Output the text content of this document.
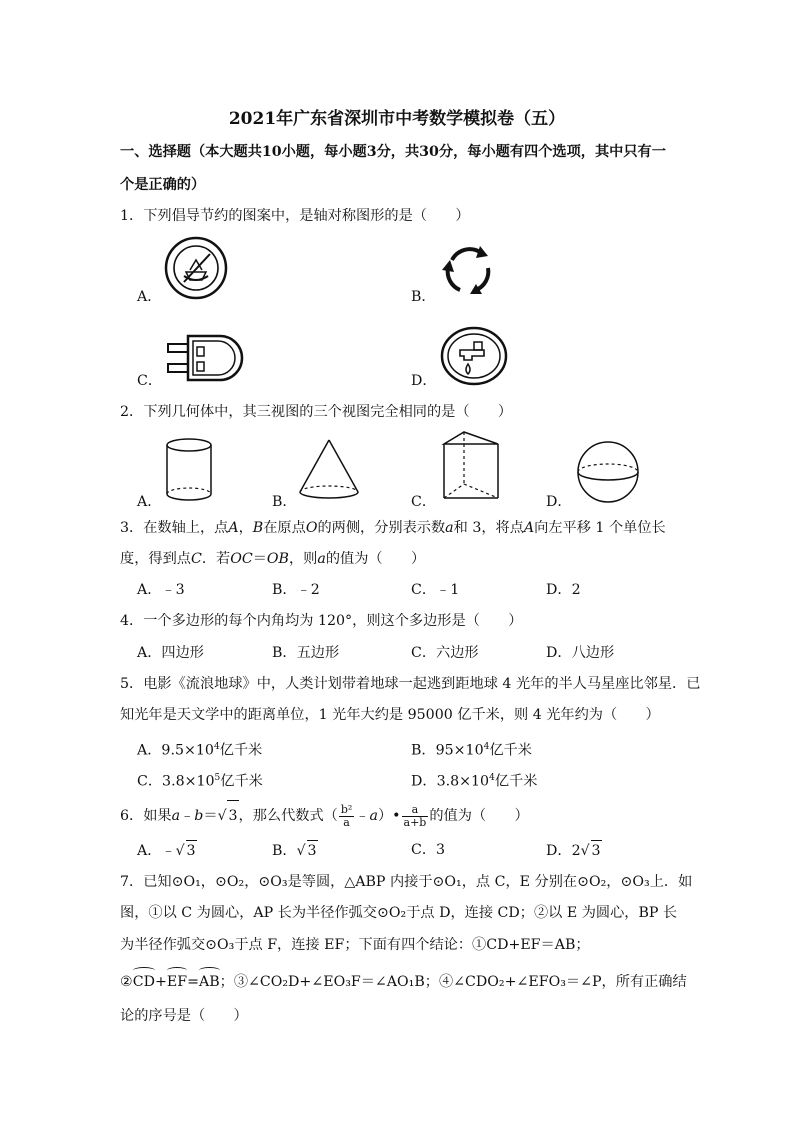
2021年广东省深圳市中考数学模拟卷（五）
一、选择题（本大题共10小题，每小题3分，共30分，每小题有四个选项，其中只有一
个是正确的）
1．下列倡导节约的图案中，是轴对称图形的是（　　）
A．	B．
C．	D．
2．下列几何体中，其三视图的三个视图完全相同的是（　　）
A．	B．	C．	D．
3．在数轴上，点A，B在原点O的两侧，分别表示数a和 3，将点A向左平移 1 个单位长
度，得到点C．若OC＝OB，则a的值为（　　）
A．﹣3	B．﹣2	C．﹣1	D．2
4．一个多边形的每个内角均为 120°，则这个多边形是（　　）
A．四边形	B．五边形	C．六边形	D．八边形
5．电影《流浪地球》中，人类计划带着地球一起逃到距地球 4 光年的半人马星座比邻星．已
知光年是天文学中的距离单位，1 光年大约是 95000 亿千米，则 4 光年约为（　　）
A．$9.5\times 10^4$亿千米	B．$95\times 10^4$亿千米
C．$3.8\times 10^5$亿千米	D．$3.8\times 10^4$亿千米
6．如果a﹣b＝√ 3，那么代数式（ $\frac{\text{b²}}{a}$ ﹣a）• $\frac{a}{a+b}$ 的值为（　　）
A．﹣√ 3	B．√ 3	C．3	D．2√ 3
7．已知⊙O₁，⊙O₂，⊙O₃是等圆，△ABP 内接于⊙O₁，点 C，E 分别在⊙O₂，⊙O₃上．如
图，①以 C 为圆心，AP 长为半径作弧交⊙O₂于点 D，连接 CD；②以 E 为圆心，BP 长
为半径作弧交⊙O₃于点 F，连接 EF；下面有四个结论：①CD+EF＝AB；
②CD+EF=AB；③∠CO₂D+∠EO₃F＝∠AO₁B；④∠CDO₂+∠EFO₃＝∠P，所有正确结
论的序号是（　　）
